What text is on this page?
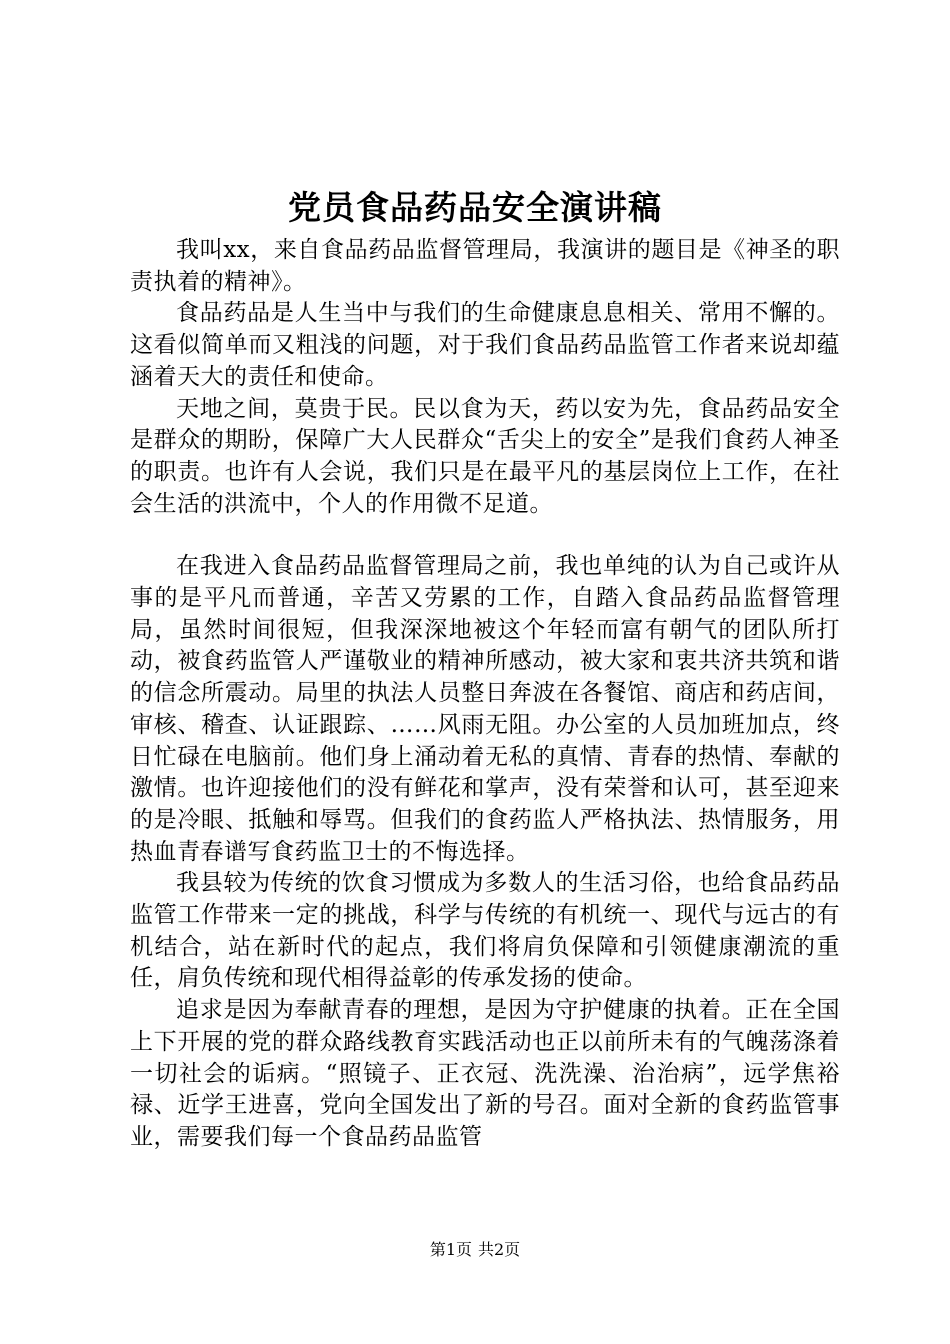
党员食品药品安全演讲稿

我叫xx，来自食品药品监督管理局，我演讲的题目是《神圣的职责执着的精神》。

食品药品是人生当中与我们的生命健康息息相关、常用不懈的。这看似简单而又粗浅的问题，对于我们食品药品监管工作者来说却蕴涵着天大的责任和使命。

天地之间，莫贵于民。民以食为天，药以安为先，食品药品安全是群众的期盼，保障广大人民群众“舌尖上的安全”是我们食药人神圣的职责。也许有人会说，我们只是在最平凡的基层岗位上工作，在社会生活的洪流中，个人的作用微不足道。

在我进入食品药品监督管理局之前，我也单纯的认为自己或许从事的是平凡而普通，辛苦又劳累的工作，自踏入食品药品监督管理局，虽然时间很短，但我深深地被这个年轻而富有朝气的团队所打动，被食药监管人严谨敬业的精神所感动，被大家和衷共济共筑和谐的信念所震动。局里的执法人员整日奔波在各餐馆、商店和药店间，审核、稽查、认证跟踪、……风雨无阻。办公室的人员加班加点，终日忙碌在电脑前。他们身上涌动着无私的真情、青春的热情、奉献的激情。也许迎接他们的没有鲜花和掌声，没有荣誉和认可，甚至迎来的是冷眼、抵触和辱骂。但我们的食药监人严格执法、热情服务，用热血青春谱写食药监卫士的不悔选择。

我县较为传统的饮食习惯成为多数人的生活习俗，也给食品药品监管工作带来一定的挑战，科学与传统的有机统一、现代与远古的有机结合，站在新时代的起点，我们将肩负保障和引领健康潮流的重任，肩负传统和现代相得益彰的传承发扬的使命。

追求是因为奉献青春的理想，是因为守护健康的执着。正在全国上下开展的党的群众路线教育实践活动也正以前所未有的气魄荡涤着一切社会的诟病。“照镜子、正衣冠、洗洗澡、治治病”，远学焦裕禄、近学王进喜，党向全国发出了新的号召。面对全新的食药监管事业，需要我们每一个食品药品监管

第1页 共2页
